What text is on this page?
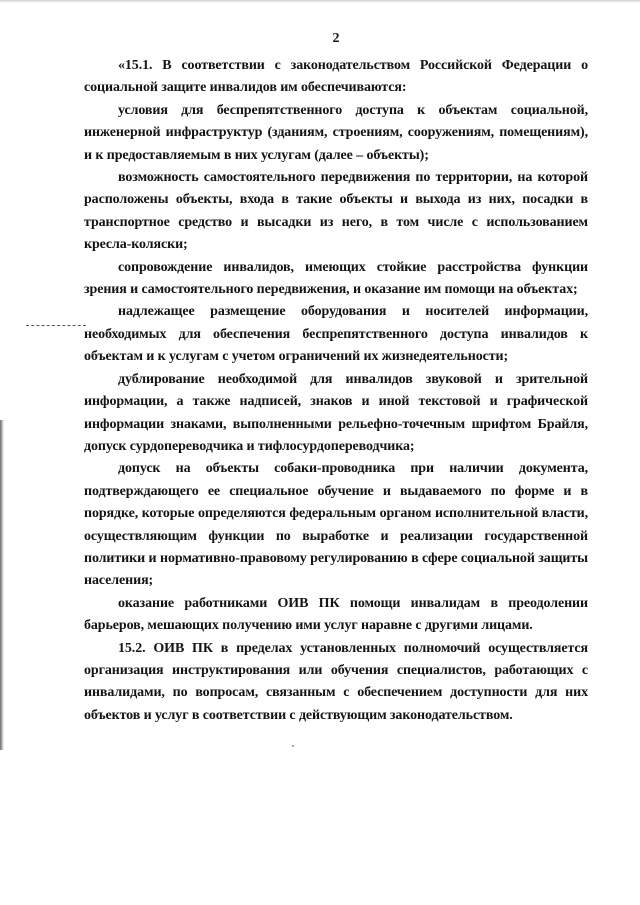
2

«15.1. В соответствии с законодательством Российской Федерации о социальной защите инвалидов им обеспечиваются:

условия для беспрепятственного доступа к объектам социальной, инженерной инфраструктур (зданиям, строениям, сооружениям, помещениям), и к предоставляемым в них услугам (далее – объекты);

возможность самостоятельного передвижения по территории, на которой расположены объекты, входа в такие объекты и выхода из них, посадки в транспортное средство и высадки из него, в том числе с использованием кресла-коляски;

сопровождение инвалидов, имеющих стойкие расстройства функции зрения и самостоятельного передвижения, и оказание им помощи на объектах;

надлежащее размещение оборудования и носителей информации, необходимых для обеспечения беспрепятственного доступа инвалидов к объектам и к услугам с учетом ограничений их жизнедеятельности;

дублирование необходимой для инвалидов звуковой и зрительной информации, а также надписей, знаков и иной текстовой и графической информации знаками, выполненными рельефно-точечным шрифтом Брайля, допуск сурдопереводчика и тифлосурдопереводчика;

допуск на объекты собаки-проводника при наличии документа, подтверждающего ее специальное обучение и выдаваемого по форме и в порядке, которые определяются федеральным органом исполнительной власти, осуществляющим функции по выработке и реализации государственной политики и нормативно-правовому регулированию в сфере социальной защиты населения;

оказание работниками ОИВ ПК помощи инвалидам в преодолении барьеров, мешающих получению ими услуг наравне с другими лицами.

15.2. ОИВ ПК в пределах установленных полномочий осуществляется организация инструктирования или обучения специалистов, работающих с инвалидами, по вопросам, связанным с обеспечением доступности для них объектов и услуг в соответствии с действующим законодательством.
